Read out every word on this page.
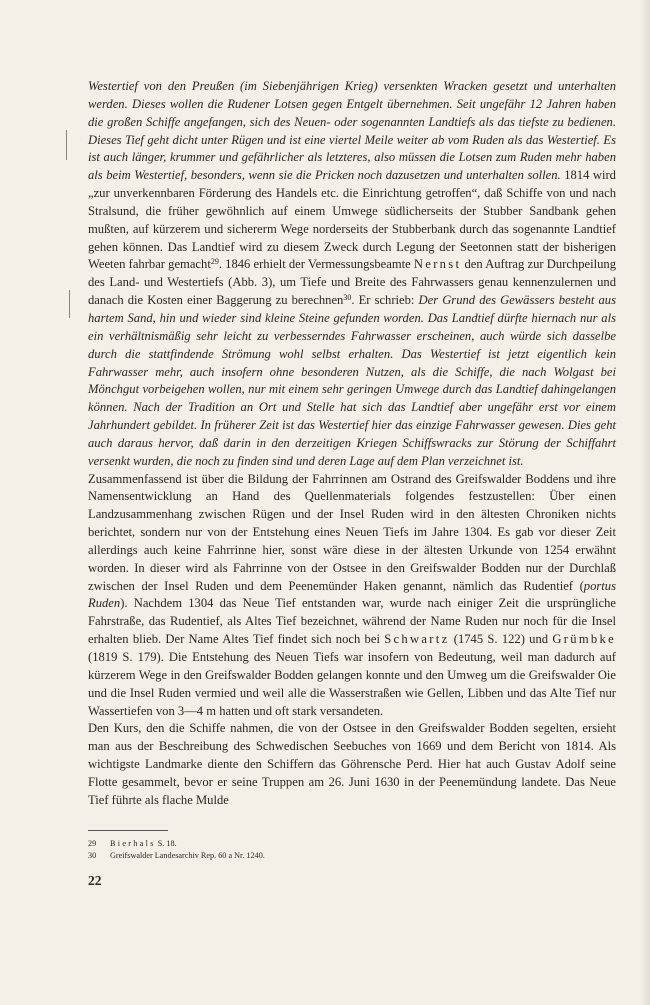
Westertief von den Preußen (im Siebenjährigen Krieg) versenkten Wracken gesetzt und unterhalten werden. Dieses wollen die Rudener Lotsen gegen Entgelt übernehmen. Seit ungefähr 12 Jahren haben die großen Schiffe angefangen, sich des Neuen- oder sogenannten Landtiefs als das tiefste zu bedienen. Dieses Tief geht dicht unter Rügen und ist eine viertel Meile weiter ab vom Ruden als das Westertief. Es ist auch länger, krummer und gefährlicher als letzteres, also müssen die Lotsen zum Ruden mehr haben als beim Westertief, besonders, wenn sie die Pricken noch dazusetzen und unterhalten sollen. 1814 wird „zur unverkennbaren Förderung des Handels etc. die Einrichtung getroffen“, daß Schiffe von und nach Stralsund, die früher gewöhnlich auf einem Umwege südlicherseits der Stubber Sandbank gehen mußten, auf kürzerem und sichererm Wege norderseits der Stubberbank durch das sogenannte Landtief gehen können. Das Landtief wird zu diesem Zweck durch Legung der Seetonnen statt der bisherigen Weeten fahrbar gemacht$^{29}$. 1846 erhielt der Vermessungsbeamte Nernst den Auftrag zur Durchpeilung des Land- und Westertiefs (Abb. 3), um Tiefe und Breite des Fahrwassers genau kennenzulernen und danach die Kosten einer Baggerung zu berechnen$^{30}$. Er schrieb: Der Grund des Gewässers besteht aus hartem Sand, hin und wieder sind kleine Steine gefunden worden. Das Landtief dürfte hiernach nur als ein verhältnismäßig sehr leicht zu verbesserndes Fahrwasser erscheinen, auch würde sich dasselbe durch die stattfindende Strömung wohl selbst erhalten. Das Westertief ist jetzt eigentlich kein Fahrwasser mehr, auch insofern ohne besonderen Nutzen, als die Schiffe, die nach Wolgast bei Mönchgut vorbeigehen wollen, nur mit einem sehr geringen Umwege durch das Landtief dahingelangen können. Nach der Tradition an Ort und Stelle hat sich das Landtief aber ungefähr erst vor einem Jahrhundert gebildet. In früherer Zeit ist das Westertief hier das einzige Fahrwasser gewesen. Dies geht auch daraus hervor, daß darin in den derzeitigen Kriegen Schiffswracks zur Störung der Schiffahrt versenkt wurden, die noch zu finden sind und deren Lage auf dem Plan verzeichnet ist.

Zusammenfassend ist über die Bildung der Fahrrinnen am Ostrand des Greifswalder Boddens und ihre Namensentwicklung an Hand des Quellenmaterials folgendes festzustellen: Über einen Landzusammenhang zwischen Rügen und der Insel Ruden wird in den ältesten Chroniken nichts berichtet, sondern nur von der Entstehung eines Neuen Tiefs im Jahre 1304. Es gab vor dieser Zeit allerdings auch keine Fahrrinne hier, sonst wäre diese in der ältesten Urkunde von 1254 erwähnt worden. In dieser wird als Fahrrinne von der Ostsee in den Greifswalder Bodden nur der Durchlaß zwischen der Insel Ruden und dem Peenemünder Haken genannt, nämlich das Rudentief (portus Ruden). Nachdem 1304 das Neue Tief entstanden war, wurde nach einiger Zeit die ursprüngliche Fahrstraße, das Rudentief, als Altes Tief bezeichnet, während der Name Ruden nur noch für die Insel erhalten blieb. Der Name Altes Tief findet sich noch bei Schwartz (1745 S. 122) und Grümbke (1819 S. 179). Die Entstehung des Neuen Tiefs war insofern von Bedeutung, weil man dadurch auf kürzerem Wege in den Greifswalder Bodden gelangen konnte und den Umweg um die Greifswalder Oie und die Insel Ruden vermied und weil alle die Wasserstraßen wie Gellen, Libben und das Alte Tief nur Wassertiefen von 3—4 m hatten und oft stark versandeten.

Den Kurs, den die Schiffe nahmen, die von der Ostsee in den Greifswalder Bodden segelten, ersieht man aus der Beschreibung des Schwedischen Seebuches von 1669 und dem Bericht von 1814. Als wichtigste Landmarke diente den Schiffern das Göhrensche Perd. Hier hat auch Gustav Adolf seine Flotte gesammelt, bevor er seine Truppen am 26. Juni 1630 in der Peenemündung landete. Das Neue Tief führte als flache Mulde

29 Bierhals S. 18.
30 Greifswalder Landesarchiv Rep. 60 a Nr. 1240.
22
